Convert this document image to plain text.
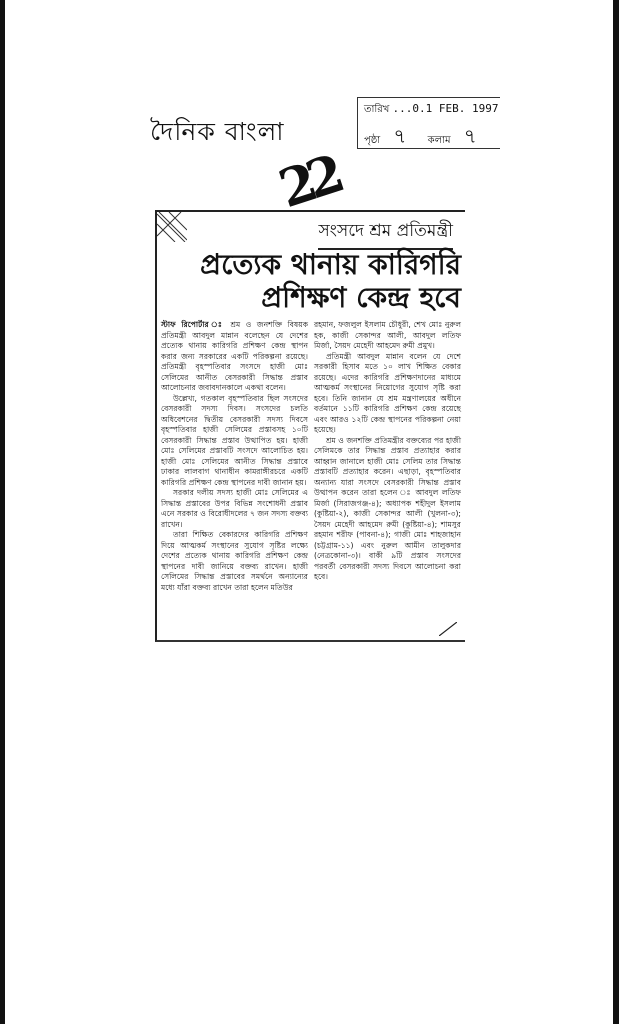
দৈনিক বাংলা
তারিখ ...0.1 FEB. 1997
পৃষ্ঠা ৭ কলাম ৭
22
সংসদে শ্রম প্রতিমন্ত্রী
প্রত্যেক থানায় কারিগরি
প্রশিক্ষণ কেন্দ্র হবে

স্টাফ রিপোর্টার ঃ শ্রম ও জনশক্তি বিষয়ক প্রতিমন্ত্রী আবদুল মান্নান বলেছেন যে দেশের প্রত্যেক থানায় কারিগরি প্রশিক্ষণ কেন্দ্র স্থাপন করার জন্য সরকারের একটি পরিকল্পনা রয়েছে। প্রতিমন্ত্রী বৃহস্পতিবার সংসদে হাজী মোঃ সেলিমের আনীত বেসরকারী সিদ্ধান্ত প্রস্তাব আলোচনার জবাবদানকালে একথা বলেন।

উল্লেখ্য, গতকাল বৃহস্পতিবার ছিল সংসদের বেসরকারী সদস্য দিবস। সংসদের চলতি অধিবেশনের দ্বিতীয় বেসরকারী সদস্য দিবসে বৃহস্পতিবার হাজী সেলিমের প্রস্তাবসহ ১০টি বেসরকারী সিদ্ধান্ত প্রস্তাব উত্থাপিত হয়। হাজী মোঃ সেলিমের প্রস্তাবটি সংসদে আলোচিত হয়। হাজী মোঃ সেলিমের আনীত সিদ্ধান্ত প্রস্তাবে ঢাকার লালবাগ থানাধীন কামরাঙ্গীরচরে একটি কারিগরি প্রশিক্ষণ কেন্দ্র স্থাপনের দাবী জানান হয়।

সরকার দলীয় সদস্য হাজী মোঃ সেলিমের এ সিদ্ধান্ত প্রস্তাবের উপর বিভিন্ন সংশোধনী প্রস্তাব এনে সরকার ও বিরোধীদলের ৭ জন সদস্য বক্তব্য রাখেন।

তারা শিক্ষিত বেকারদের কারিগরি প্রশিক্ষণ দিয়ে আত্মকর্ম সংস্থানের সুযোগ সৃষ্টির লক্ষ্যে দেশের প্রত্যেক থানায় কারিগরি প্রশিক্ষণ কেন্দ্র স্থাপনের দাবী জানিয়ে বক্তব্য রাখেন। হাজী সেলিমের সিদ্ধান্ত প্রস্তাবের সমর্থনে অন্যান্যের মধ্যে যাঁরা বক্তব্য রাখেন তারা হলেন মতিউর

রহমান, ফজলুল ইসলাম চৌধুরী, শেখ মোঃ নুরুল হক, কাজী সেকান্দর আলী, আবদুল লতিফ মির্জা, সৈয়দ মেহেদী আহমেদ রুমী প্রমুখ।

প্রতিমন্ত্রী আবদুল মান্নান বলেন যে দেশে সরকারী হিসাব মতে ১০ লাখ শিক্ষিত বেকার রয়েছে। এদের কারিগরি প্রশিক্ষণদানের মাধ্যমে আত্মকর্ম সংস্থানের নিয়োগের সুযোগ সৃষ্টি করা হবে। তিনি জানান যে শ্রম মন্ত্রণালয়ের অধীনে বর্তমানে ১১টি কারিগরি প্রশিক্ষণ কেন্দ্র রয়েছে এবং আরও ১২টি কেন্দ্র স্থাপনের পরিকল্পনা নেয়া হয়েছে।

শ্রম ও জনশক্তি প্রতিমন্ত্রীর বক্তব্যের পর হাজী সেলিমকে তার সিদ্ধান্ত প্রস্তাব প্রত্যাহার করার আহ্বান জানালে হাজী মোঃ সেলিম তার সিদ্ধান্ত প্রস্তাবটি প্রত্যাহার করেন। এছাড়া, বৃহস্পতিবার অন্যান্য যারা সংসদে বেসরকারী সিদ্ধান্ত প্রস্তাব উত্থাপন করেন তারা হলেন ঃ আবদুল লতিফ মির্জা (সিরাজগঞ্জ-৪); অধ্যাপক শহীদুল ইসলাম (কুষ্টিয়া-২), কাজী সেকান্দর আলী (খুলনা-৩); সৈয়দ মেহেদী আহমেদ রুমী (কুষ্টিয়া-৪); শামসুর রহমান শরীফ (পাবনা-৪); গাজী মোঃ শাহজাহান (চট্টগ্রাম-১১) এবং নুরুল আমীন তালুকদার (নেত্রকোনা-৩)। বাকী ৯টি প্রস্তাব সংসদের পরবর্তী বেসরকারী সদস্য দিবসে আলোচনা করা হবে।
